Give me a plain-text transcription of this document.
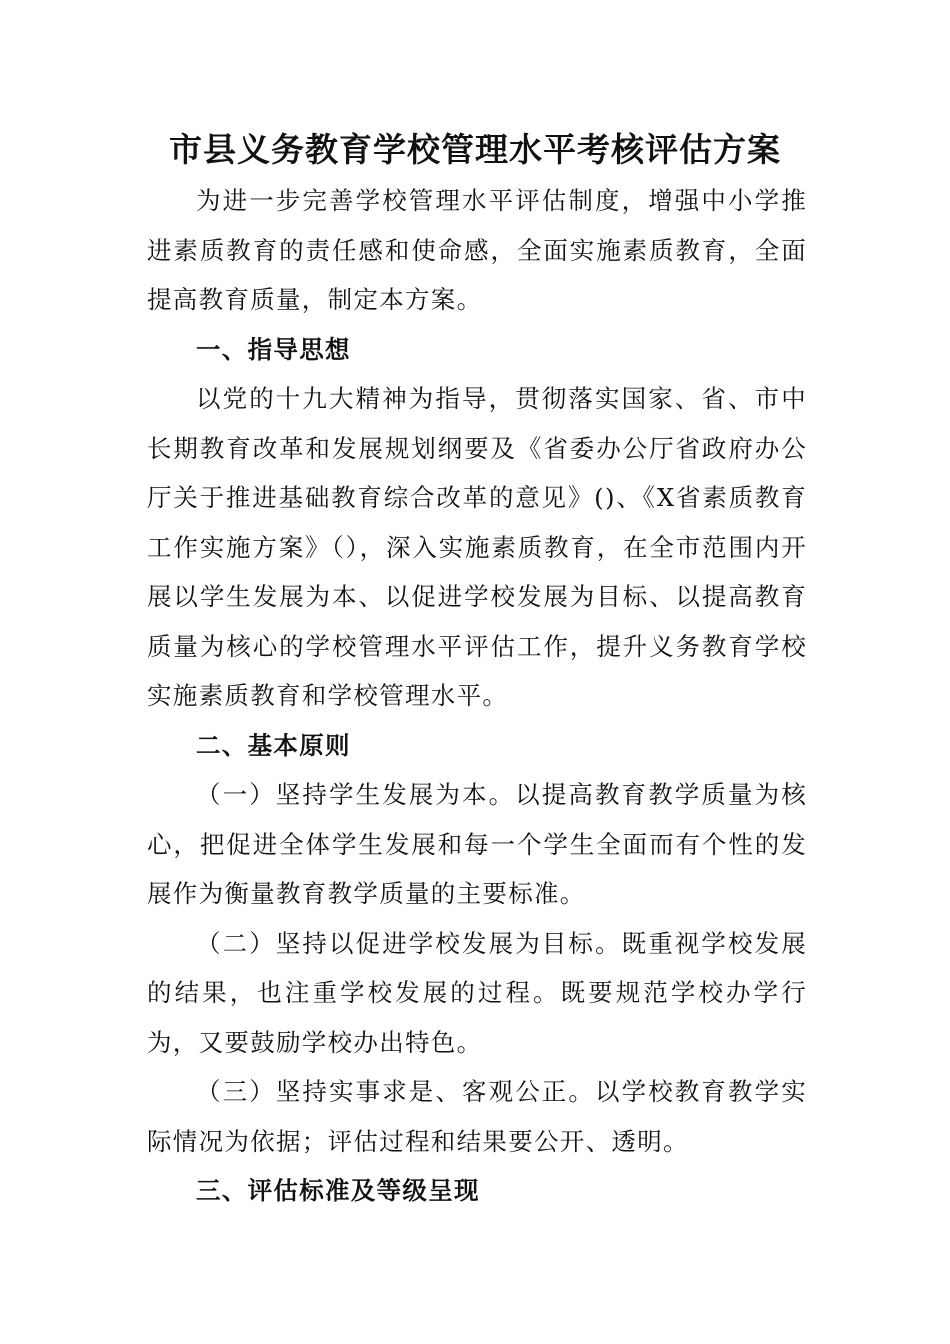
市县义务教育学校管理水平考核评估方案

为进一步完善学校管理水平评估制度，增强中小学推进素质教育的责任感和使命感，全面实施素质教育，全面提高教育质量，制定本方案。

一、指导思想

以党的十九大精神为指导，贯彻落实国家、省、市中长期教育改革和发展规划纲要及《省委办公厅省政府办公厅关于推进基础教育综合改革的意见》()、《X省素质教育工作实施方案》（），深入实施素质教育，在全市范围内开展以学生发展为本、以促进学校发展为目标、以提高教育质量为核心的学校管理水平评估工作，提升义务教育学校实施素质教育和学校管理水平。

二、基本原则

（一）坚持学生发展为本。以提高教育教学质量为核心，把促进全体学生发展和每一个学生全面而有个性的发展作为衡量教育教学质量的主要标准。

（二）坚持以促进学校发展为目标。既重视学校发展的结果，也注重学校发展的过程。既要规范学校办学行为，又要鼓励学校办出特色。

（三）坚持实事求是、客观公正。以学校教育教学实际情况为依据；评估过程和结果要公开、透明。

三、评估标准及等级呈现
